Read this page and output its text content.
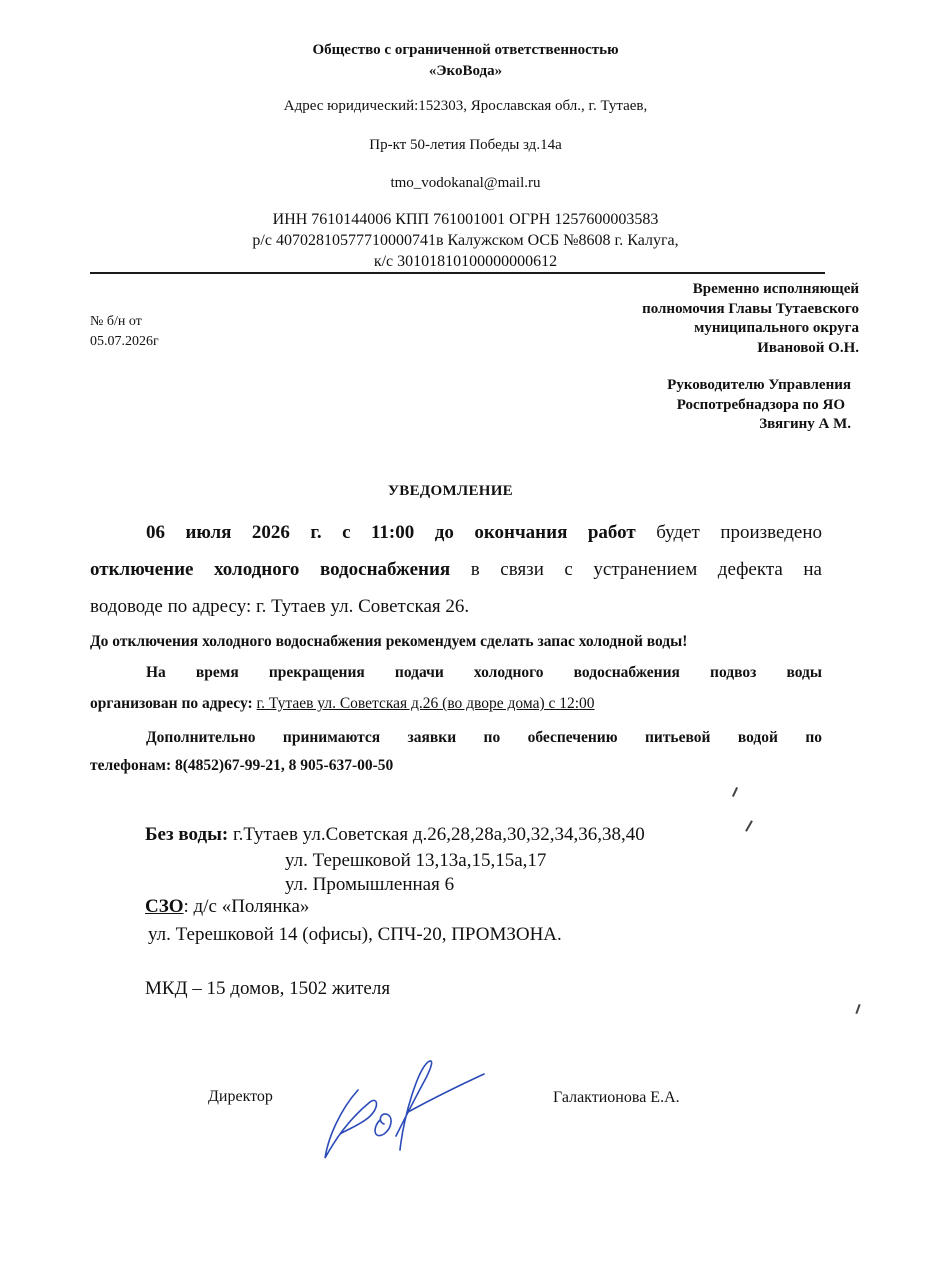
Общество с ограниченной ответственностью
«ЭкоВода»
Адрес юридический:152303, Ярославская обл., г. Тутаев,
Пр-кт 50-летия Победы зд.14а
tmo_vodokanal@mail.ru
ИНН 7610144006 КПП 761001001 ОГРН 1257600003583
р/с 40702810577710000741в Калужском ОСБ №8608 г. Калуга,
к/с 30101810100000000612
№ б/н от
05.07.2026г
Временно исполняющей
полномочия Главы Тутаевского
муниципального округа
Ивановой О.Н.
Руководителю Управления
Роспотребнадзора по ЯО
Звягину А М.
УВЕДОМЛЕНИЕ
06 июля 2026 г. с 11:00 до окончания работ будет произведено
отключение холодного водоснабжения в связи с устранением дефекта на
водоводе по адресу: г. Тутаев ул. Советская 26.
До отключения холодного водоснабжения рекомендуем сделать запас холодной воды!
На время прекращения подачи холодного водоснабжения подвоз воды
организован по адресу: г. Тутаев ул. Советская д.26 (во дворе дома) с 12:00
Дополнительно принимаются заявки по обеспечению питьевой водой по
телефонам: 8(4852)67-99-21, 8 905-637-00-50
Без воды: г.Тутаев ул.Советская д.26,28,28а,30,32,34,36,38,40
ул. Терешковой 13,13а,15,15а,17
ул. Промышленная 6
СЗО: д/с «Полянка»
ул. Терешковой 14 (офисы), СПЧ-20, ПРОМЗОНА.
МКД – 15 домов, 1502 жителя
Директор	Галактионова Е.А.
